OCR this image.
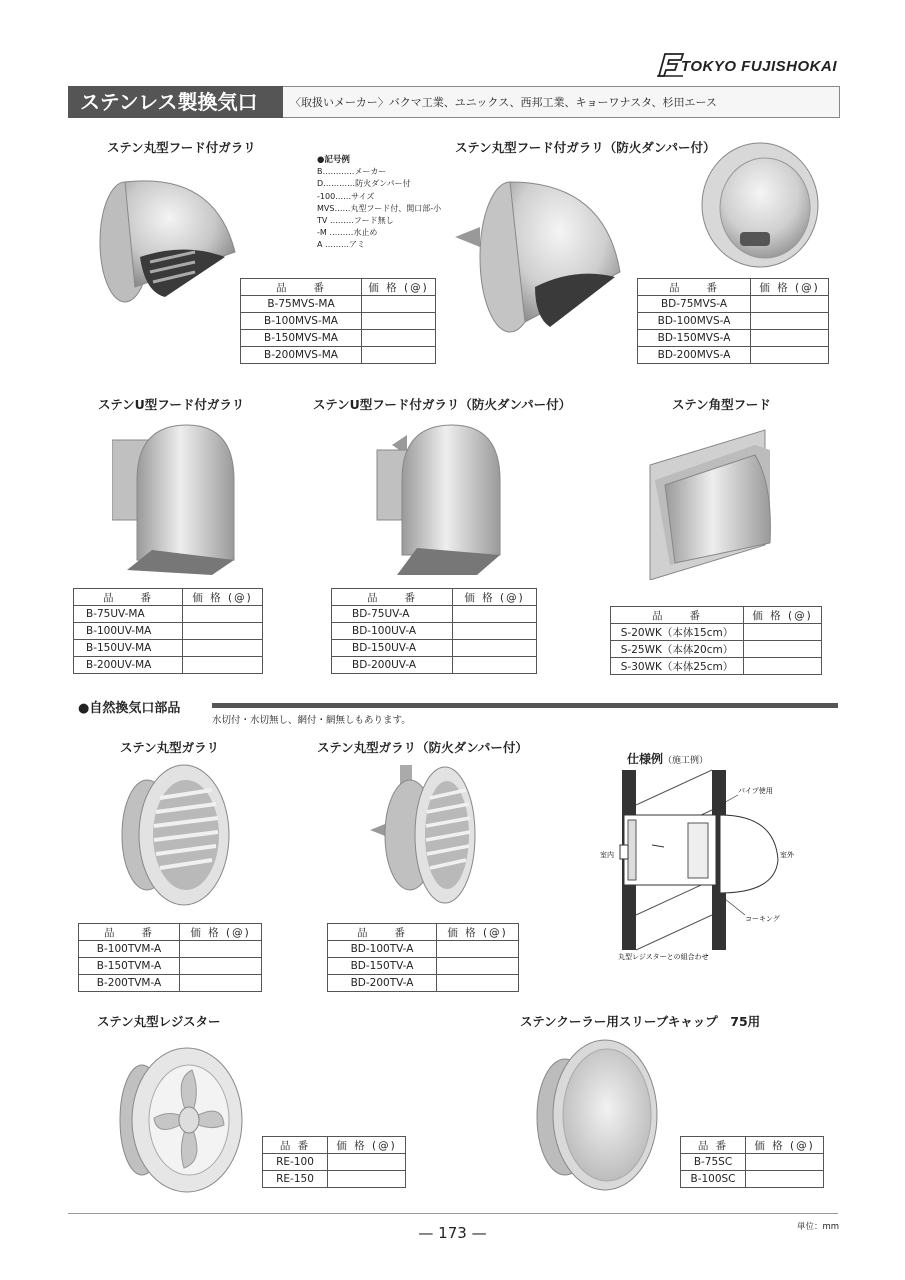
TOKYO FUJISHOKAI
ステンレス製換気口	〈取扱いメーカー〉バクマ工業、ユニックス、西邦工業、キョーワナスタ、杉田エース
ステン丸型フード付ガラリ
●記号例
B…………メーカー
D…………防火ダンパー付
-100……サイズ
MVS……丸型フード付、開口部-小
TV ………フード無し
-M ………水止め
A ………アミ
品　　番	価 格 (@)
B-75MVS-MA	
B-100MVS-MA	
B-150MVS-MA	
B-200MVS-MA	
ステン丸型フード付ガラリ（防火ダンパー付）
品　　番	価 格 (@)
BD-75MVS-A	
BD-100MVS-A	
BD-150MVS-A	
BD-200MVS-A	
ステンU型フード付ガラリ
品　　番	価 格 (@)
B-75UV-MA	
B-100UV-MA	
B-150UV-MA	
B-200UV-MA	
ステンU型フード付ガラリ（防火ダンパー付）
品　　番	価 格 (@)
BD-75UV-A	
BD-100UV-A	
BD-150UV-A	
BD-200UV-A	
ステン角型フード
品　　番	価 格 (@)
S-20WK（本体15cm）	
S-25WK（本体20cm）	
S-30WK（本体25cm）	
●自然換気口部品
水切付・水切無し、網付・網無しもあります。
ステン丸型ガラリ
品　　番	価 格 (@)
B-100TVM-A	
B-150TVM-A	
B-200TVM-A	
ステン丸型ガラリ（防火ダンパー付）
品　　番	価 格 (@)
BD-100TV-A	
BD-150TV-A	
BD-200TV-A	
仕様例（施工例）
パイプ使用
室内	室外
コーキング
丸型レジスターとの組合わせ
ステン丸型レジスター
品 番	価 格 (@)
RE-100	
RE-150	
ステンクーラー用スリーブキャップ　75用
品 番	価 格 (@)
B-75SC	
B-100SC	
— 173 —	単位：mm
